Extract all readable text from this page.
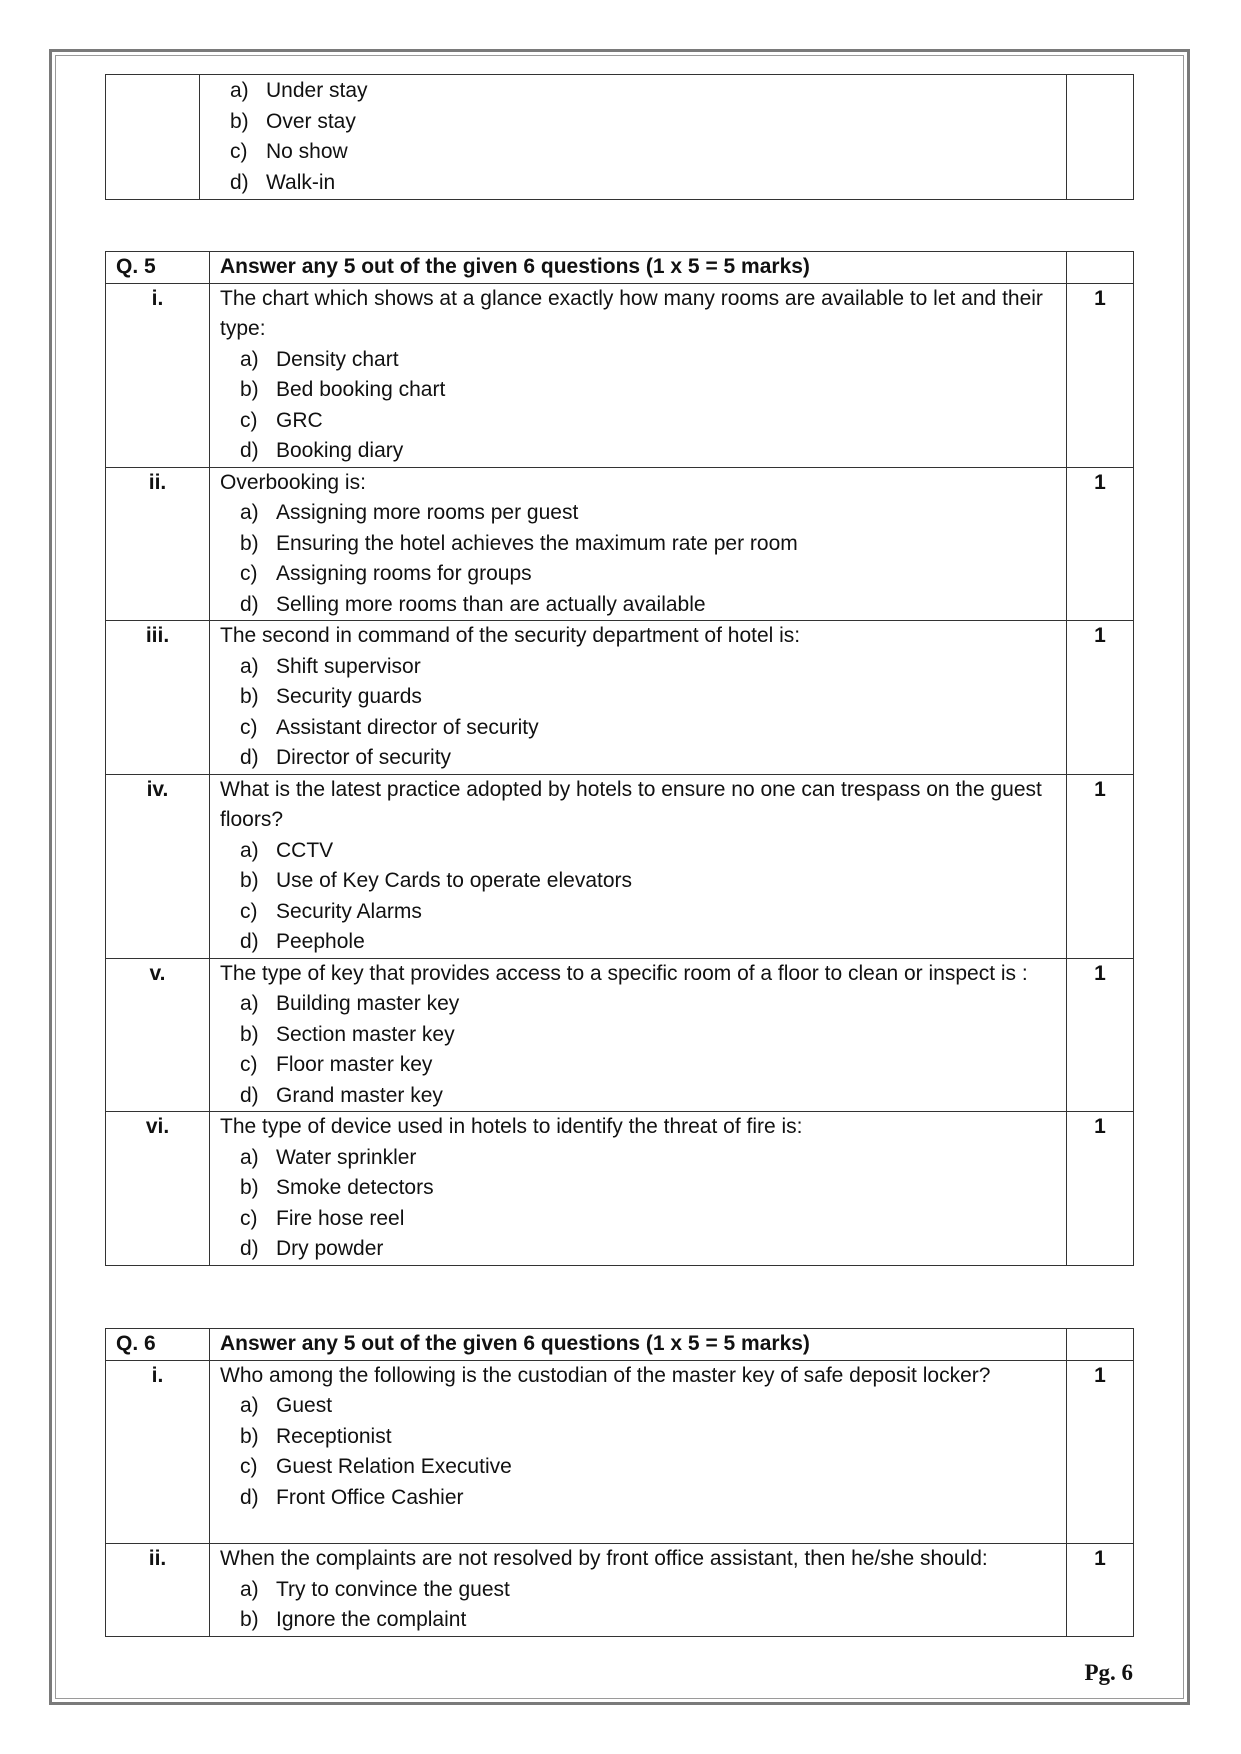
a) Under stay
b) Over stay
c) No show
d) Walk-in

Q. 5	Answer any 5 out of the given 6 questions (1 x 5 = 5 marks)	
i.	The chart which shows at a glance exactly how many rooms are available to let and their type:
a) Density chart
b) Bed booking chart
c) GRC
d) Booking diary	1
ii.	Overbooking is:
a) Assigning more rooms per guest
b) Ensuring the hotel achieves the maximum rate per room
c) Assigning rooms for groups
d) Selling more rooms than are actually available	1
iii.	The second in command of the security department of hotel is:
a) Shift supervisor
b) Security guards
c) Assistant director of security
d) Director of security	1
iv.	What is the latest practice adopted by hotels to ensure no one can trespass on the guest floors?
a) CCTV
b) Use of Key Cards to operate elevators
c) Security Alarms
d) Peephole	1
v.	The type of key that provides access to a specific room of a floor to clean or inspect is :
a) Building master key
b) Section master key
c) Floor master key
d) Grand master key	1
vi.	The type of device used in hotels to identify the threat of fire is:
a) Water sprinkler
b) Smoke detectors
c) Fire hose reel
d) Dry powder	1
Q. 6	Answer any 5 out of the given 6 questions (1 x 5 = 5 marks)	
i.	Who among the following is the custodian of the master key of safe deposit locker?
a) Guest
b) Receptionist
c) Guest Relation Executive
d) Front Office Cashier	1
ii.	When the complaints are not resolved by front office assistant, then he/she should:
a) Try to convince the guest
b) Ignore the complaint	1
Pg. 6
